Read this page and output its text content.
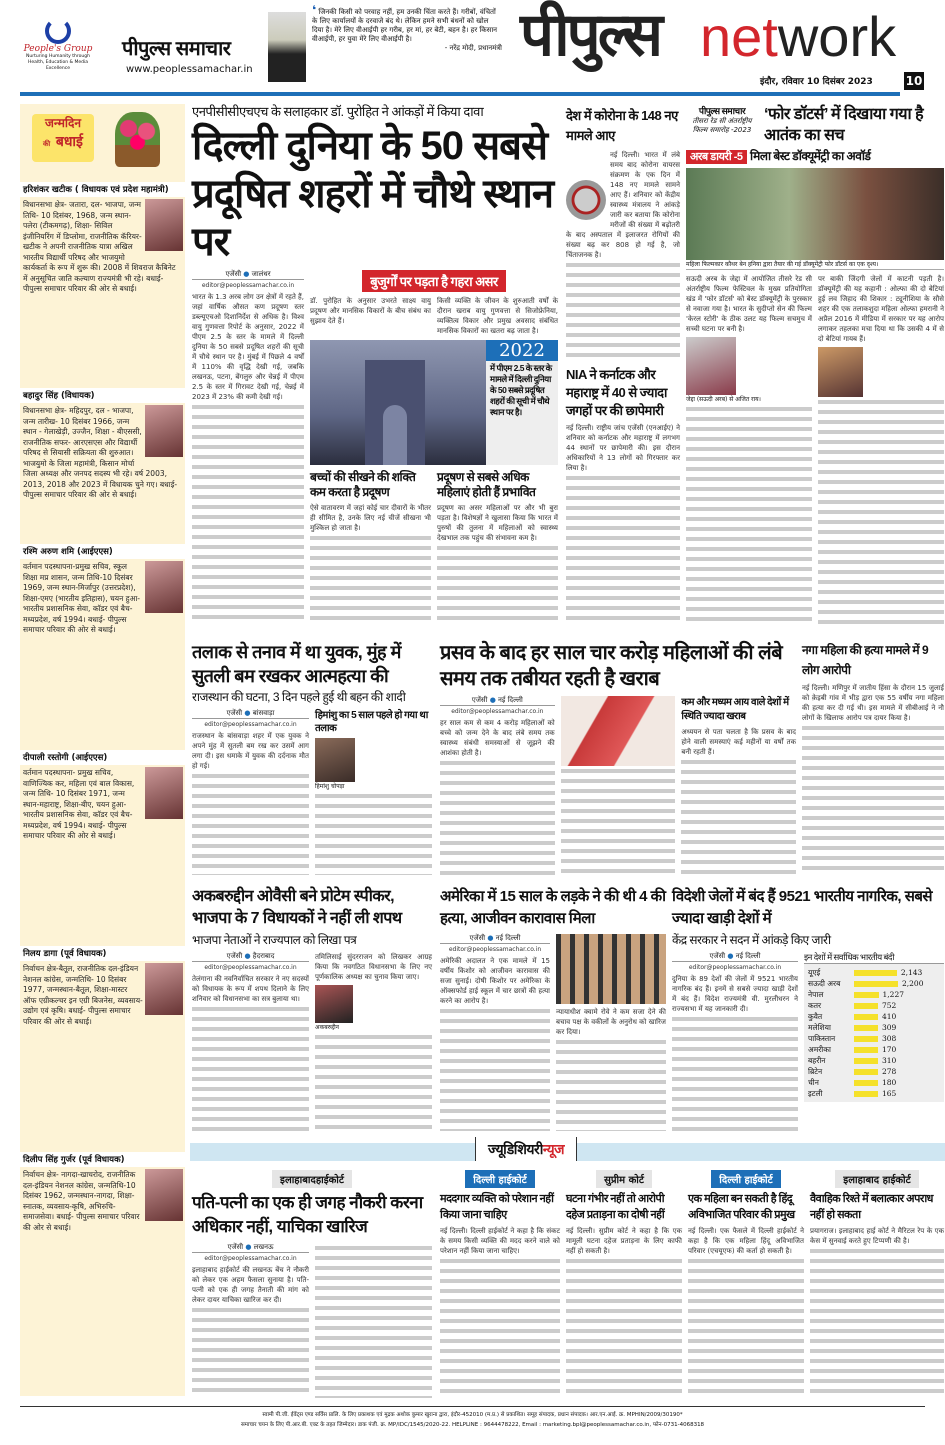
People's Group
Nurturing Humanity through Health, Education & Media Excellence
पीपुल्स समाचार
www.peoplessamachar.in
❛ जिनकी किसी को परवाह नहीं, हम उनकी चिंता करते हैं। गरीबों, वंचितों के लिए कार्यालयों के दरवाजे बंद थे। लेकिन हमने सभी बंधनों को खोल दिया है। मेरे लिए वीआईपी हर गरीब, हर मां, हर बेटी, बहन है। हर किसान वीआईपी, हर युवा मेरे लिए वीआईपी है।
- नरेंद्र मोदी, प्रधानमंत्री पीपुल्स network
इंदौर, रविवार 10 दिसंबर 2023	10
जन्मदिन
की बधाई
हरिशंकर खटीक ( विधायक एवं प्रदेश महामंत्री)
विधानसभा क्षेत्र- जतारा, दल- भाजपा, जन्म तिथि- 10 दिसंबर, 1968, जन्म स्थान- पलेरा (टीकमगढ़), शिक्षा- सिविल इंजीनियरिंग में डिप्लोमा, राजनीतिक कॅरियर- खटीक ने अपनी राजनीतिक यात्रा अखिल भारतीय विद्यार्थी परिषद और भाजयुमो कार्यकर्ता के रूप में शुरू की। 2008 में शिवराज कैबिनेट में अनुसूचित जाति कल्याण राज्यमंत्री भी रहे। बधाई- पीपुल्स समाचार परिवार की ओर से बधाई।
बहादुर सिंह (विधायक)
विधानसभा क्षेत्र- महिदपुर, दल - भाजपा, जन्म तारीख- 10 दिसंबर 1966, जन्म स्थान - गेलाखेड़ी, उज्जैन, शिक्षा - बीएससी, राजनीतिक सफर- आरएसएस और विद्यार्थी परिषद से सियासी सक्रियता की शुरुआत। भाजयुमो के जिला महामंत्री, किसान मोर्चा जिला अध्यक्ष और जनपद सदस्य भी रहे। वर्ष 2003, 2013, 2018 और 2023 में विधायक चुने गए। बधाई- पीपुल्स समाचार परिवार की ओर से बधाई।
रश्मि अरुण शमि (आईएएस)
वर्तमान पदस्थापना-प्रमुख सचिव, स्कूल शिक्षा मप्र शासन, जन्म तिथि-10 दिसंबर 1969, जन्म स्थान-मिर्जापुर (उत्तरप्रदेश), शिक्षा-एमए (भारतीय इतिहास), चयन हुआ-भारतीय प्रशासनिक सेवा, कॉडर एवं बैच-मध्यप्रदेश, वर्ष 1994। बधाई- पीपुल्स समाचार परिवार की ओर से बधाई।
दीपाली रस्तोगी (आईएएस)
वर्तमान पदस्थापना- प्रमुख सचिव, वाणिज्यिक कर, महिला एवं बाल विकास, जन्म तिथि- 10 दिसंबर 1971, जन्म स्थान-महाराष्ट्र, शिक्षा-बीए, चयन हुआ-भारतीय प्रशासनिक सेवा, कॉडर एवं बैच- मध्यप्रदेश, वर्ष 1994। बधाई- पीपुल्स समाचार परिवार की ओर से बधाई।
निलय डागा (पूर्व विधायक)
निर्वाचन क्षेत्र-बैतूल, राजनीतिक दल-इंडियन नेशनल कांग्रेस, जन्मतिथि- 10 दिसंबर 1977, जन्मस्थान-बैतूल, शिक्षा-मास्टर ऑफ एग्रीकल्चर इन एग्री बिजनेस, व्यवसाय-उद्योग एवं कृषि। बधाई- पीपुल्स समाचार परिवार की ओर से बधाई।
दिलीप सिंह गुर्जर (पूर्व विधायक)
निर्वाचन क्षेत्र- नागदा-खाचरोद, राजनीतिक दल-इंडियन नेशनल कांग्रेस, जन्मतिथि-10 दिसंबर 1962, जन्मस्थान-नागदा, शिक्षा-स्नातक, व्यवसाय-कृषि, अभिरुचि- समाजसेवा। बधाई- पीपुल्स समाचार परिवार की ओर से बधाई।
एनपीसीसीएचएच के सलाहकार डॉ. पुरोहित ने आंकड़ों में किया दावा
दिल्ली दुनिया के 50 सबसे प्रदूषित शहरों में चौथे स्थान पर
एजेंसी ● जालंधर
editor@peoplessamachar.co.in
भारत के 1.3 अरब लोग उन क्षेत्रों में रहते हैं, जहां वार्षिक औसत कण प्रदूषण स्तर डब्ल्यूएचओ दिशानिर्देश से अधिक है। विश्व वायु गुणवत्ता रिपोर्ट के अनुसार, 2022 में पीएम 2.5 के स्तर के मामले में दिल्ली दुनिया के 50 सबसे प्रदूषित शहरों की सूची में चौथे स्थान पर है। मुंबई में पिछले 4 वर्षों में 110% की वृद्धि देखी गई, जबकि लखनऊ, पटना, बेंगलुरु और चेन्नई में पीएम 2.5 के स्तर में गिरावट देखी गई, चेन्नई में 2023 में 23% की कमी देखी गई।
बुजुर्गों पर पड़ता है गहरा असर
डॉ. पुरोहित के अनुसार उभरते साक्ष्य वायु प्रदूषण और मानसिक विकारों के बीच संबंध का सुझाव देते हैं।
किसी व्यक्ति के जीवन के शुरुआती वर्षों के दौरान खराब वायु गुणवत्ता से सिजोफ्रेनिया, व्यक्तित्व विकार और प्रमुख अवसाद संबंधित मानसिक विकारों का खतरा बढ़ जाता है।
2022
में पीएम 2.5 के स्तर के मामले में दिल्ली दुनिया के 50 सबसे प्रदूषित शहरों की सूची में चौथे स्थान पर है।
बच्चों की सीखने की शक्ति कम करता है प्रदूषण
ऐसे वातावरण में जहां कोई चार दीवारों के भीतर ही सीमित है, उनके लिए नई चीजें सीखना भी मुश्किल हो जाता है।
प्रदूषण से सबसे अधिक महिलाएं होती हैं प्रभावित
प्रदूषण का असर महिलाओं पर और भी बुरा पड़ता है। विशेषज्ञों ने खुलासा किया कि भारत में पुरुषों की तुलना में महिलाओं को स्वास्थ्य देखभाल तक पहुंच की संभावना कम है।
देश में कोरोना के 148 नए मामले आए
नई दिल्ली। भारत में लंबे समय बाद कोरोना वायरस संक्रमण के एक दिन में 148 नए मामले सामने आए हैं। शनिवार को केंद्रीय स्वास्थ्य मंत्रालय ने आंकड़े जारी कर बताया कि कोरोना मरीजों की संख्या में बढ़ोतरी के बाद अस्पताल में इलाजरत रोगियों की संख्या बढ़ कर 808 हो गई है, जो चिंताजनक है।
NIA ने कर्नाटक और महाराष्ट्र में 40 से ज्यादा जगहों पर की छापेमारी
नई दिल्ली। राष्ट्रीय जांच एजेंसी (एनआईए) ने शनिवार को कर्नाटक और महाराष्ट्र में लगभग 44 स्थानों पर छापेमारी की। इस दौरान अधिकारियों ने 13 लोगों को गिरफ्तार कर लिया है।
पीपुल्स समाचार
तीसरा रेड सी अंतर्राष्ट्रीय फिल्म समारोह -2023
‘फोर डॉटर्स’ में दिखाया गया है आतंक का सच
अरब डायरी -5 मिला बेस्ट डॉक्यूमेंट्री का अवॉर्ड
महिला फिल्मकार कौथर बेन हनिया द्वारा तैयार की गई डॉक्यूमेंट्री फोर डॉटर्स का एक दृश्य।
सऊदी अरब के जेद्दा में आयोजित तीसरे रेड सी अंतर्राष्ट्रीय फिल्म फेस्टिवल के मुख्य प्रतियोगिता खंड में 'फोर डॉटर्स' को बेस्ट डॉक्यूमेंट्री के पुरस्कार से नवाजा गया है। भारत के सुदीप्तो सेन की फिल्म 'केरल स्टोरी' के ठीक उलट यह फिल्म सचमुच में सच्ची घटना पर बनी है।
जेद्दा (सऊदी अरब) से अजित राय।
पर बाकी जिंदगी जेलों में काटनी पड़ती है। डॉक्यूमेंट्री की यह कहानी : ओल्फा की दो बेटियां हुई लव जिहाद की शिकार : ट्यूनीशिया के सौसे शहर की एक तलाकशुदा महिला ओल्फा हमरानी ने अप्रैल 2016 में मीडिया में सरकार पर यह आरोप लगाकर तहलका मचा दिया था कि उसकी 4 में से दो बेटियां गायब हैं।
तलाक से तनाव में था युवक, मुंह में सुतली बम रखकर आत्महत्या की
राजस्थान की घटना, 3 दिन पहले हुई थी बहन की शादी
एजेंसी ● बांसवाड़ा
editor@peoplessamachar.co.in
राजस्थान के बांसवाड़ा शहर में एक युवक ने अपने मुंह में सुतली बम रख कर उसमें आग लगा दी। इस धमाके में युवक की दर्दनाक मौत हो गई।
हिमांशु का 5 साल पहले हो गया था तलाक
हिमांशु चोपड़ा
प्रसव के बाद हर साल चार करोड़ महिलाओं की लंबे समय तक तबीयत रहती है खराब
एजेंसी ● नई दिल्ली
editor@peoplessamachar.co.in
हर साल कम से कम 4 करोड़ महिलाओं को बच्चे को जन्म देने के बाद लंबे समय तक स्वास्थ्य संबंधी समस्याओं से जूझने की आशंका होती है।
कम और मध्यम आय वाले देशों में स्थिति ज्यादा खराब
अध्ययन से पता चलता है कि प्रसव के बाद होने वाली समस्याएं कई महीनों या वर्षों तक बनी रहती हैं।
नगा महिला की हत्या मामले में 9 लोग आरोपी
नई दिल्ली। मणिपुर में जातीय हिंसा के दौरान 15 जुलाई को के़इबी गांव में भीड़ द्वारा एक 55 वर्षीय नगा महिला की हत्या कर दी गई थी। इस मामले में सीबीआई ने नौ लोगों के खिलाफ आरोप पत्र दायर किया है।
अकबरुद्दीन ओवैसी बने प्रोटेम स्पीकर, भाजपा के 7 विधायकों ने नहीं ली शपथ
भाजपा नेताओं ने राज्यपाल को लिखा पत्र
एजेंसी ● हैदराबाद
editor@peoplessamachar.co.in
तेलंगाना की नवनिर्वाचित सरकार ने नए सदस्यों को विधायक के रूप में शपथ दिलाने के लिए शनिवार को विधानसभा का सत्र बुलाया था।
तमिलिसाई सुंदरराजन को लिखकर आग्रह किया कि नवगठित विधानसभा के लिए नए पूर्णकालिक अध्यक्ष का चुनाव किया जाए।
अकबरुद्दीन
अमेरिका में 15 साल के लड़के ने की थी 4 की हत्या, आजीवन कारावास मिला
एजेंसी ● नई दिल्ली
editor@peoplessamachar.co.in
अमेरिकी अदालत ने एक मामले में 15 वर्षीय किशोर को आजीवन कारावास की सजा सुनाई। दोषी किशोर पर अमेरिका के ऑक्सफोर्ड हाई स्कूल में चार छात्रों की हत्या करने का आरोप है।
न्यायाधीश क्वामे रोवे ने कम सजा देने की बचाव पक्ष के वकीलों के अनुरोध को खारिज कर दिया।
विदेशी जेलों में बंद हैं 9521 भारतीय नागरिक, सबसे ज्यादा खाड़ी देशों में
केंद्र सरकार ने सदन में आंकड़े किए जारी
एजेंसी ● नई दिल्ली
editor@peoplessamachar.co.in
दुनिया के 89 देशों की जेलों में 9521 भारतीय नागरिक बंद हैं। इनमें से सबसे ज्यादा खाड़ी देशों में बंद हैं। विदेश राज्यमंत्री वी. मुरलीधरन ने राज्यसभा में यह जानकारी दी।
इन देशों में सर्वाधिक भारतीय बंदी
यूएई	2,143
सऊदी अरब	2,200
नेपाल	1,227
कतर	752
कुवैत	410
मलेशिया	309
पाकिस्तान	308
अमरीका	170
बहरीन	310
ब्रिटेन	278
चीन	180
इटली	165
ज्यूडिशियरीन्यूज
इलाहाबादहाईकोर्ट
पति-पत्नी का एक ही जगह नौकरी करना अधिकार नहीं, याचिका खारिज
एजेंसी ● लखनऊ
editor@peoplessamachar.co.in
इलाहाबाद हाईकोर्ट की लखनऊ बेंच ने नौकरी को लेकर एक अहम फैसला सुनाया है। पति-पत्नी को एक ही जगह तैनाती की मांग को लेकर दायर याचिका खारिज कर दी।
दिल्ली हाईकोर्ट
मददगार व्यक्ति को परेशान नहीं किया जाना चाहिए
नई दिल्ली। दिल्ली हाईकोर्ट ने कहा है कि संकट के समय किसी व्यक्ति की मदद करने वाले को परेशान नहीं किया जाना चाहिए।
सुप्रीम कोर्ट
घटना गंभीर नहीं तो आरोपी दहेज प्रताड़ना का दोषी नहीं
नई दिल्ली। सुप्रीम कोर्ट ने कहा है कि एक मामूली घटना दहेज प्रताड़ना के लिए काफी नहीं हो सकती है।
दिल्ली हाईकोर्ट
एक महिला बन सकती है हिंदू अविभाजित परिवार की प्रमुख
नई दिल्ली। एक फैसले में दिल्ली हाईकोर्ट ने कहा है कि एक महिला हिंदू अविभाजित परिवार (एचयूएफ) की कर्ता हो सकती है।
इलाहाबाद हाईकोर्ट
वैवाहिक रिश्ते में बलात्कार अपराध नहीं हो सकता
प्रयागराज। इलाहाबाद हाई कोर्ट ने मैरिटल रेप के एक केस में सुनवाई करते हुए टिप्पणी की है।
स्वामी पी.जी. ईवेंट्स एण्ड सर्विस प्रालि. के लिए प्रकाशक एवं मुद्रक अशोक कुमार खुराना द्वारा, इंदौर-452010 (म.प्र.) से प्रकाशित। समूह संपादक, प्रधान संपादक। आर.एन.आई. क्र. MPHIN/2009/30190*
समाचार चयन के लिए पी.आर.बी. एक्ट के तहत जिम्मेदार। डाक पंजी. क्र. MP/IDC/1545/2020-22. HELPLINE : 9644478222, Email : marketing.bpl@peoplessamachar.co.in, फोन-0731-4068318
